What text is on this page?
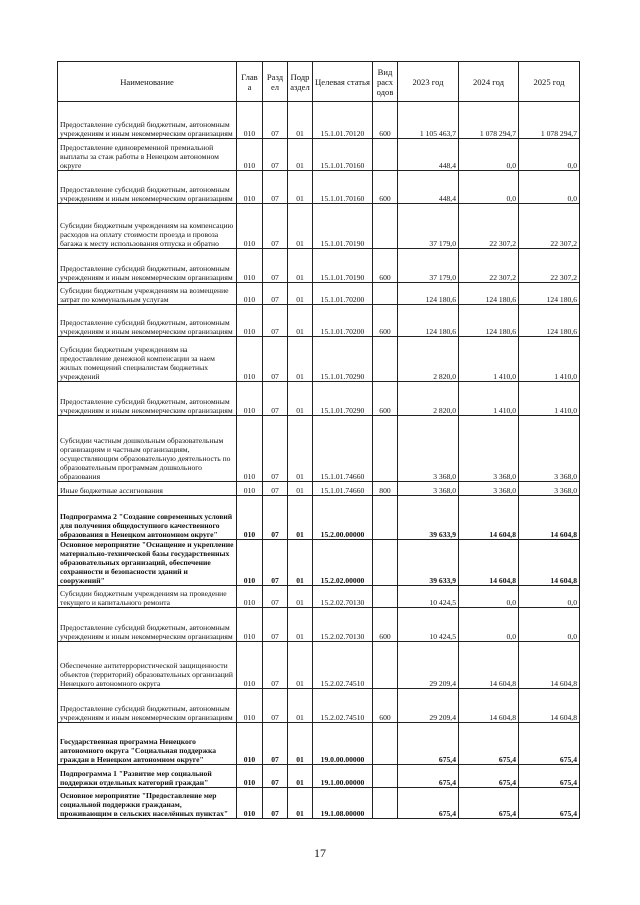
Наименование	Глав а	Разд ел	Подр аздел	Целевая статья	Вид расх одов	2023 год	2024 год	2025 год
Предоставление субсидий бюджетным, автономным учреждениям и иным некоммерческим организациям	010	07	01	15.1.01.70120	600	1 105 463,7	1 078 294,7	1 078 294,7
Предоставление единовременной премиальной выплаты за стаж работы в Ненецком автономном округе	010	07	01	15.1.01.70160		448,4	0,0	0,0
Предоставление субсидий бюджетным, автономным учреждениям и иным некоммерческим организациям	010	07	01	15.1.01.70160	600	448,4	0,0	0,0
Субсидии бюджетным учреждениям на компенсацию расходов на оплату стоимости проезда и провоза багажа к месту использования отпуска и обратно	010	07	01	15.1.01.70190		37 179,0	22 307,2	22 307,2
Предоставление субсидий бюджетным, автономным учреждениям и иным некоммерческим организациям	010	07	01	15.1.01.70190	600	37 179,0	22 307,2	22 307,2
Субсидии бюджетным учреждениям на возмещение затрат по коммунальным услугам	010	07	01	15.1.01.70200		124 180,6	124 180,6	124 180,6
Предоставление субсидий бюджетным, автономным учреждениям и иным некоммерческим организациям	010	07	01	15.1.01.70200	600	124 180,6	124 180,6	124 180,6
Субсидии бюджетным учреждениям на предоставление денежной компенсации за наем жилых помещений специалистам бюджетных учреждений	010	07	01	15.1.01.70290		2 820,0	1 410,0	1 410,0
Предоставление субсидий бюджетным, автономным учреждениям и иным некоммерческим организациям	010	07	01	15.1.01.70290	600	2 820,0	1 410,0	1 410,0
Субсидии частным дошкольным образовательным организациям и частным организациям, осуществляющим образовательную деятельность по образовательным программам дошкольного образования	010	07	01	15.1.01.74660		3 368,0	3 368,0	3 368,0
Иные бюджетные ассигнования	010	07	01	15.1.01.74660	800	3 368,0	3 368,0	3 368,0
Подпрограмма 2 "Создание современных условий для получения общедоступного качественного образования в Ненецком автономном округе"	010	07	01	15.2.00.00000		39 633,9	14 604,8	14 604,8
Основное мероприятие "Оснащение и укрепление материально-технической базы государственных образовательных организаций, обеспечение сохранности и безопасности зданий и сооружений"	010	07	01	15.2.02.00000		39 633,9	14 604,8	14 604,8
Субсидии бюджетным учреждениям на проведение текущего и капитального ремонта	010	07	01	15.2.02.70130		10 424,5	0,0	0,0
Предоставление субсидий бюджетным, автономным учреждениям и иным некоммерческим организациям	010	07	01	15.2.02.70130	600	10 424,5	0,0	0,0
Обеспечение антитеррористической защищенности объектов (территорий) образовательных организаций Ненецкого автономного округа	010	07	01	15.2.02.74510		29 209,4	14 604,8	14 604,8
Предоставление субсидий бюджетным, автономным учреждениям и иным некоммерческим организациям	010	07	01	15.2.02.74510	600	29 209,4	14 604,8	14 604,8
Государственная программа Ненецкого автономного округа "Социальная поддержка граждан в Ненецком автономном округе"	010	07	01	19.0.00.00000		675,4	675,4	675,4
Подпрограмма 1 "Развитие мер социальной поддержки отдельных категорий граждан"	010	07	01	19.1.00.00000		675,4	675,4	675,4
Основное мероприятие "Предоставление мер социальной поддержки гражданам, проживающим в сельских населённых пунктах"	010	07	01	19.1.08.00000		675,4	675,4	675,4
17
